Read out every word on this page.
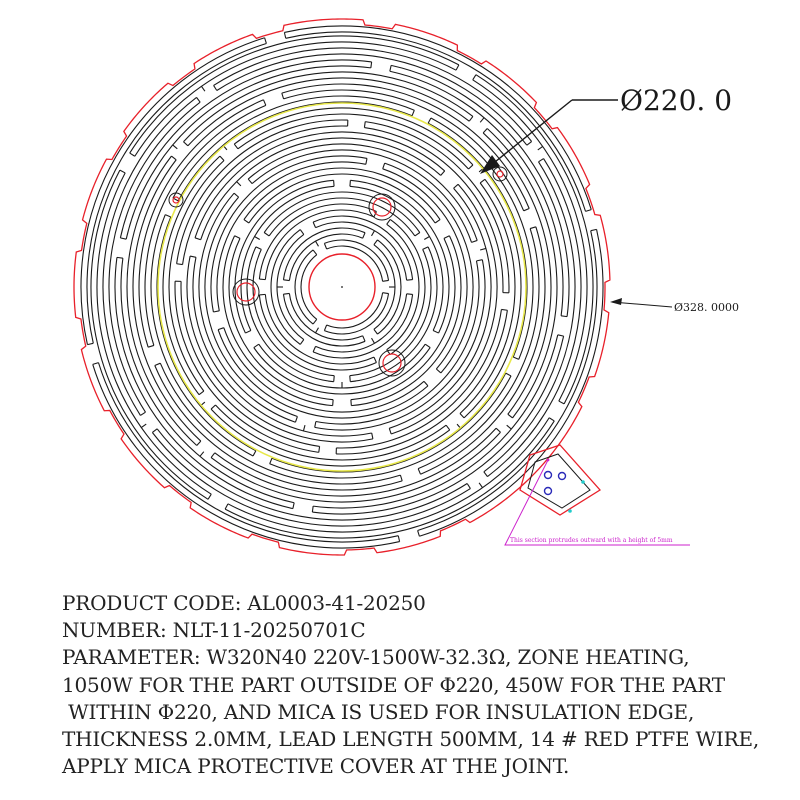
Ø220. 0
Ø328. 0000
This section protrudes outward with a height of 5mm
PRODUCT CODE: AL0003-41-20250
NUMBER: NLT-11-20250701C
PARAMETER: W320N40 220V-1500W-32.3Ω, ZONE HEATING,
1050W FOR THE PART OUTSIDE OF Φ220, 450W FOR THE PART
WITHIN Φ220, AND MICA IS USED FOR INSULATION EDGE,
THICKNESS 2.0MM, LEAD LENGTH 500MM, 14 # RED PTFE WIRE,
APPLY MICA PROTECTIVE COVER AT THE JOINT.
